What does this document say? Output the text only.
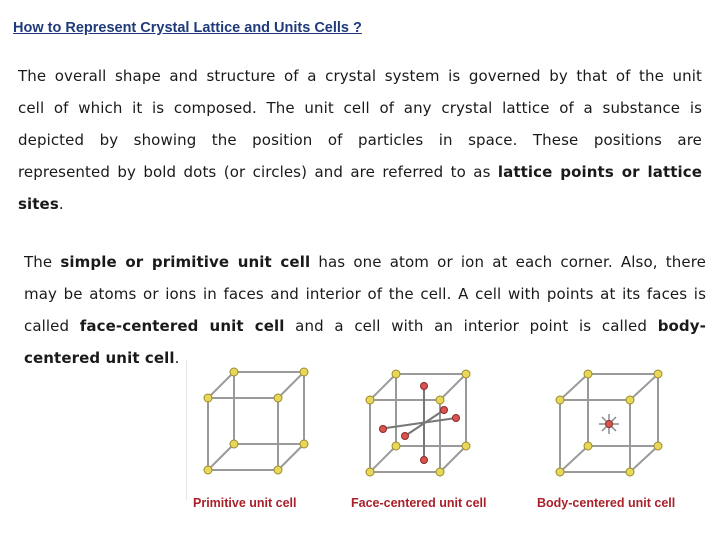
How to Represent Crystal Lattice and Units Cells ?
The overall shape and structure of a crystal system is governed by that of the unit
cell of which it is composed. The unit cell of any crystal lattice of a substance is
depicted by showing the position of particles in space. These positions are
represented by bold dots (or circles) and are referred to as lattice points or lattice
sites.
The simple or primitive unit cell has one atom or ion at each corner. Also, there
may be atoms or ions in faces and interior of the cell. A cell with points at its faces is
called face-centered unit cell and a cell with an interior point is called body-
centered unit cell.
Primitive unit cell	Face-centered unit cell	Body-centered unit cell
